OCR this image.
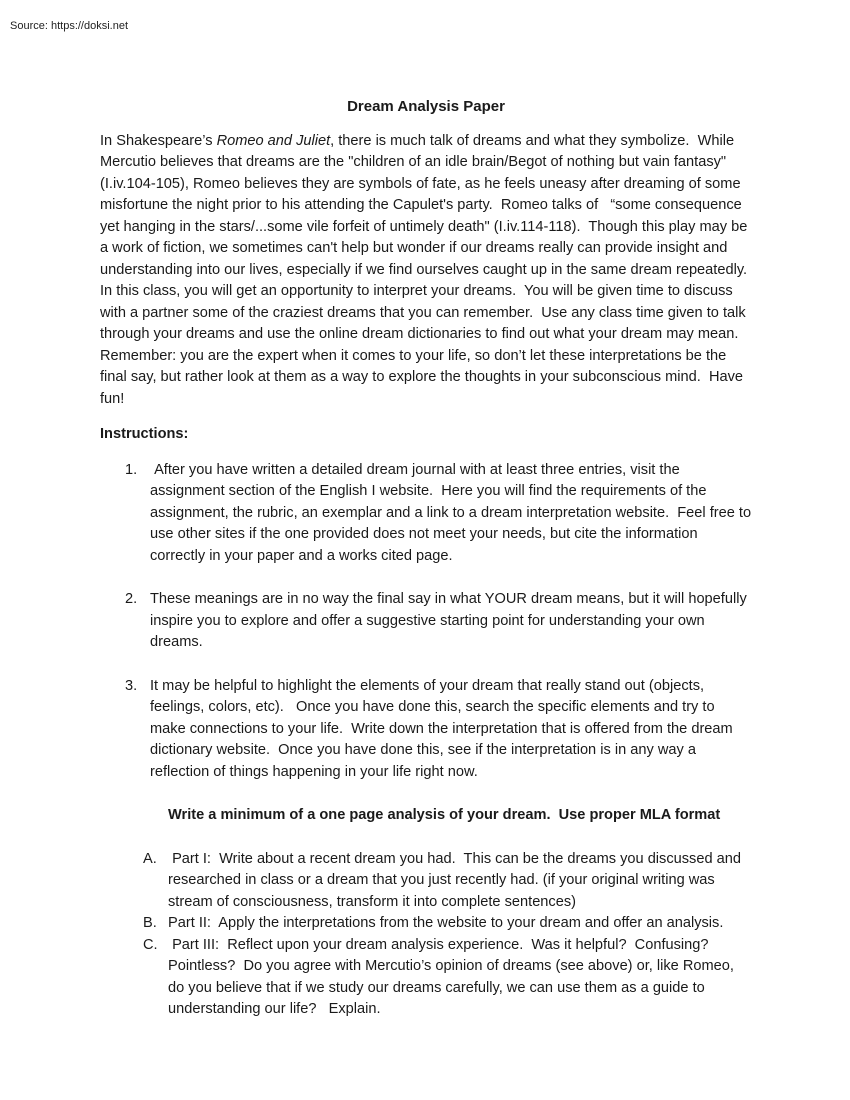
Source: https://doksi.net
Dream Analysis Paper

In Shakespeare’s Romeo and Juliet, there is much talk of dreams and what they symbolize.  While Mercutio believes that dreams are the "children of an idle brain/Begot of nothing but vain fantasy" (I.iv.104-105), Romeo believes they are symbols of fate, as he feels uneasy after dreaming of some misfortune the night prior to his attending the Capulet's party.  Romeo talks of   “some consequence yet hanging in the stars/...some vile forfeit of untimely death" (I.iv.114-118).  Though this play may be a work of fiction, we sometimes can't help but wonder if our dreams really can provide insight and understanding into our lives, especially if we find ourselves caught up in the same dream repeatedly.  In this class, you will get an opportunity to interpret your dreams.  You will be given time to discuss with a partner some of the craziest dreams that you can remember.  Use any class time given to talk through your dreams and use the online dream dictionaries to find out what your dream may mean.  Remember: you are the expert when it comes to your life, so don’t let these interpretations be the final say, but rather look at them as a way to explore the thoughts in your subconscious mind.  Have fun!

Instructions:
1. After you have written a detailed dream journal with at least three entries, visit the assignment section of the English I website.  Here you will find the requirements of the assignment, the rubric, an exemplar and a link to a dream interpretation website.  Feel free to use other sites if the one provided does not meet your needs, but cite the information correctly in your paper and a works cited page.
2. These meanings are in no way the final say in what YOUR dream means, but it will hopefully inspire you to explore and offer a suggestive starting point for understanding your own dreams.
3. It may be helpful to highlight the elements of your dream that really stand out (objects, feelings, colors, etc).   Once you have done this, search the specific elements and try to make connections to your life.  Write down the interpretation that is offered from the dream dictionary website.  Once you have done this, see if the interpretation is in any way a reflection of things happening in your life right now.

Write a minimum of a one page analysis of your dream.  Use proper MLA format

A. Part I:  Write about a recent dream you had.  This can be the dreams you discussed and researched in class or a dream that you just recently had. (if your original writing was stream of consciousness, transform it into complete sentences)
B. Part II:  Apply the interpretations from the website to your dream and offer an analysis.
C. Part III:  Reflect upon your dream analysis experience.  Was it helpful?  Confusing?  Pointless?  Do you agree with Mercutio’s opinion of dreams (see above) or, like Romeo, do you believe that if we study our dreams carefully, we can use them as a guide to understanding our life?   Explain.
